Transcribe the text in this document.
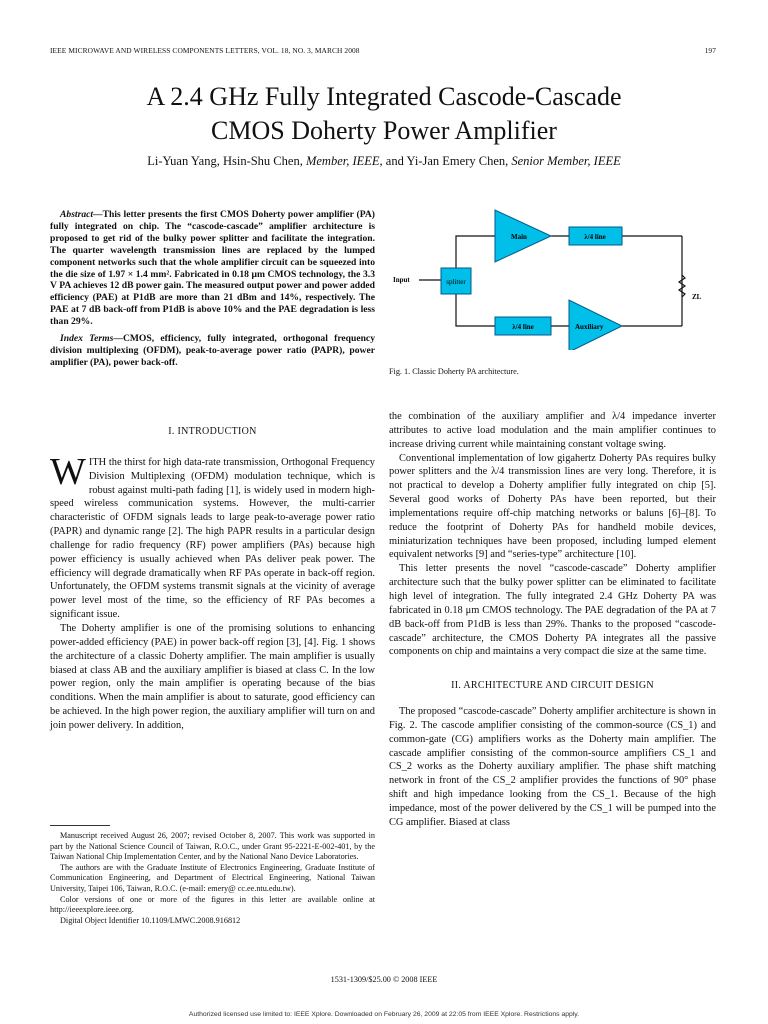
IEEE MICROWAVE AND WIRELESS COMPONENTS LETTERS, VOL. 18, NO. 3, MARCH 2008	197
A 2.4 GHz Fully Integrated Cascode-Cascade
CMOS Doherty Power Amplifier
Li-Yuan Yang, Hsin-Shu Chen, Member, IEEE, and Yi-Jan Emery Chen, Senior Member, IEEE

Abstract—This letter presents the first CMOS Doherty power amplifier (PA) fully integrated on chip. The “cascode-cascade” amplifier architecture is proposed to get rid of the bulky power splitter and facilitate the integration. The quarter wavelength transmission lines are replaced by the lumped component networks such that the whole amplifier circuit can be squeezed into the die size of 1.97 × 1.4 mm². Fabricated in 0.18 μm CMOS technology, the 3.3 V PA achieves 12 dB power gain. The measured output power and power added efficiency (PAE) at P1dB are more than 21 dBm and 14%, respectively. The PAE at 7 dB back-off from P1dB is above 10% and the PAE degradation is less than 29%.

Index Terms—CMOS, efficiency, fully integrated, orthogonal frequency division multiplexing (OFDM), peak-to-average power ratio (PAPR), power amplifier (PA), power back-off.

I. INTRODUCTION

WITH the thirst for high data-rate transmission, Orthogonal Frequency Division Multiplexing (OFDM) modulation technique, which is robust against multi-path fading [1], is widely used in modern high-speed wireless communication systems. However, the multi-carrier characteristic of OFDM signals leads to large peak-to-average power ratio (PAPR) and dynamic range [2]. The high PAPR results in a particular design challenge for radio frequency (RF) power amplifiers (PAs) because high power efficiency is usually achieved when PAs deliver peak power. The efficiency will degrade dramatically when RF PAs operate in back-off region. Unfortunately, the OFDM systems transmit signals at the vicinity of average power level most of the time, so the efficiency of RF PAs becomes a significant issue.

The Doherty amplifier is one of the promising solutions to enhancing power-added efficiency (PAE) in power back-off region [3], [4]. Fig. 1 shows the architecture of a classic Doherty amplifier. The main amplifier is usually biased at class AB and the auxiliary amplifier is biased at class C. In the low power region, only the main amplifier is operating because of the bias conditions. When the main amplifier is about to saturate, good efficiency can be achieved. In the high power region, the auxiliary amplifier will turn on and join power delivery. In addition,

Manuscript received August 26, 2007; revised October 8, 2007. This work was supported in part by the National Science Council of Taiwan, R.O.C., under Grant 95-2221-E-002-401, by the Taiwan National Chip Implementation Center, and by the National Nano Device Laboratories.

The authors are with the Graduate Institute of Electronics Engineering, Graduate Institute of Communication Engineering, and Department of Electrical Engineering, National Taiwan University, Taipei 106, Taiwan, R.O.C. (e-mail: emery@ cc.ee.ntu.edu.tw).

Color versions of one or more of the figures in this letter are available online at http://ieeexplore.ieee.org.

Digital Object Identifier 10.1109/LMWC.2008.916812

splitter
Main	λ/4 line
λ/4 line	Auxiliary
Input
ZL
Fig. 1. Classic Doherty PA architecture.

the combination of the auxiliary amplifier and λ/4 impedance inverter attributes to active load modulation and the main amplifier continues to increase driving current while maintaining constant voltage swing.

Conventional implementation of low gigahertz Doherty PAs requires bulky power splitters and the λ/4 transmission lines are very long. Therefore, it is not practical to develop a Doherty amplifier fully integrated on chip [5]. Several good works of Doherty PAs have been reported, but their implementations require off-chip matching networks or baluns [6]–[8]. To reduce the footprint of Doherty PAs for handheld mobile devices, miniaturization techniques have been proposed, including lumped element equivalent networks [9] and “series-type” architecture [10].

This letter presents the novel “cascode-cascade” Doherty amplifier architecture such that the bulky power splitter can be eliminated to facilitate high level of integration. The fully integrated 2.4 GHz Doherty PA was fabricated in 0.18 μm CMOS technology. The PAE degradation of the PA at 7 dB back-off from P1dB is less than 29%. Thanks to the proposed “cascode-cascade” architecture, the CMOS Doherty PA integrates all the passive components on chip and maintains a very compact die size at the same time.

II. ARCHITECTURE AND CIRCUIT DESIGN

The proposed “cascode-cascade” Doherty amplifier architecture is shown in Fig. 2. The cascode amplifier consisting of the common-source (CS_1) and common-gate (CG) amplifiers works as the Doherty main amplifier. The cascade amplifier consisting of the common-source amplifiers CS_1 and CS_2 works as the Doherty auxiliary amplifier. The phase shift matching network in front of the CS_2 amplifier provides the functions of 90° phase shift and high impedance looking from the CS_1. Because of the high impedance, most of the power delivered by the CS_1 will be pumped into the CG amplifier. Biased at class

1531-1309/$25.00 © 2008 IEEE
Authorized licensed use limited to: IEEE Xplore. Downloaded on February 26, 2009 at 22:05 from IEEE Xplore. Restrictions apply.
